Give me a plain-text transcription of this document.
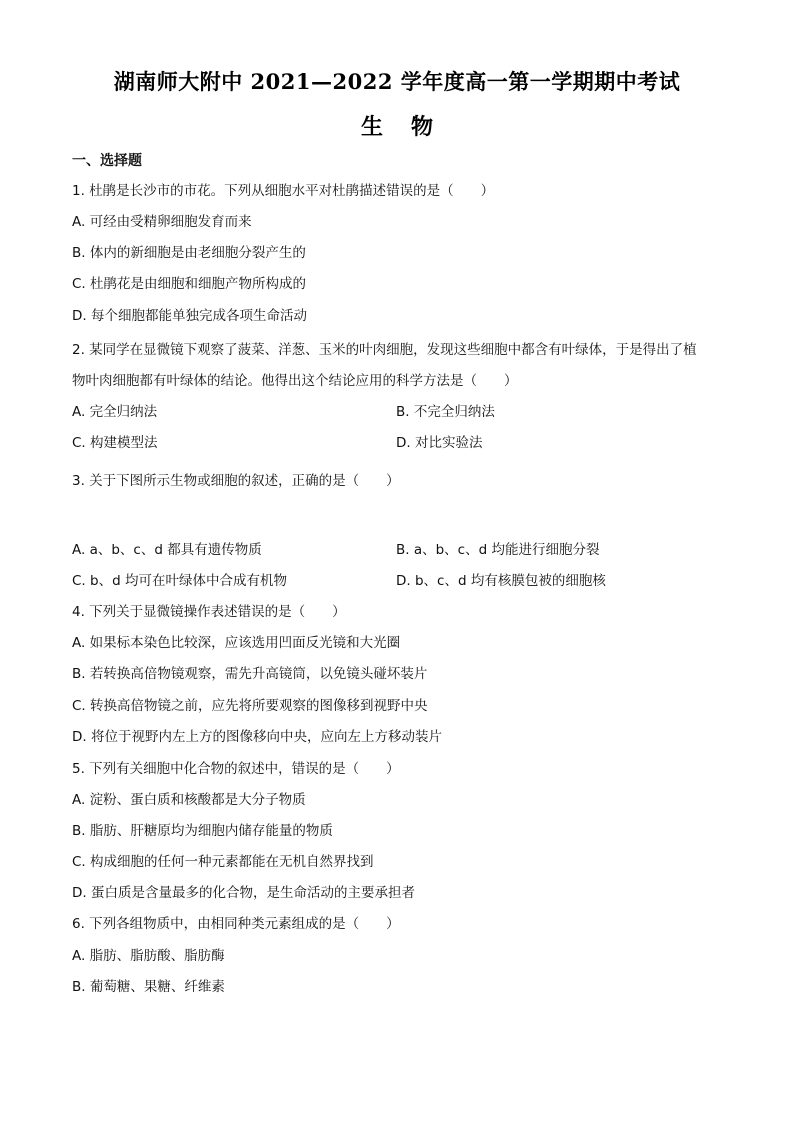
湖南师大附中 2021—2022 学年度高一第一学期期中考试
生物
一、选择题
1. 杜鹃是长沙市的市花。下列从细胞水平对杜鹃描述错误的是（　　）
A. 可经由受精卵细胞发育而来
B. 体内的新细胞是由老细胞分裂产生的
C. 杜鹃花是由细胞和细胞产物所构成的
D. 每个细胞都能单独完成各项生命活动
2. 某同学在显微镜下观察了菠菜、洋葱、玉米的叶肉细胞，发现这些细胞中都含有叶绿体，于是得出了植
物叶肉细胞都有叶绿体的结论。他得出这个结论应用的科学方法是（　　）
A. 完全归纳法	B. 不完全归纳法
C. 构建模型法	D. 对比实验法
3. 关于下图所示生物或细胞的叙述，正确的是（　　）
A. a、b、c、d 都具有遗传物质	B. a、b、c、d 均能进行细胞分裂
C. b、d 均可在叶绿体中合成有机物	D. b、c、d 均有核膜包被的细胞核
4. 下列关于显微镜操作表述错误的是（　　）
A. 如果标本染色比较深，应该选用凹面反光镜和大光圈
B. 若转换高倍物镜观察，需先升高镜筒，以免镜头碰坏装片
C. 转换高倍物镜之前，应先将所要观察的图像移到视野中央
D. 将位于视野内左上方的图像移向中央，应向左上方移动装片
5. 下列有关细胞中化合物的叙述中，错误的是（　　）
A. 淀粉、蛋白质和核酸都是大分子物质
B. 脂肪、肝糖原均为细胞内储存能量的物质
C. 构成细胞的任何一种元素都能在无机自然界找到
D. 蛋白质是含量最多的化合物，是生命活动的主要承担者
6. 下列各组物质中，由相同种类元素组成的是（　　）
A. 脂肪、脂肪酸、脂肪酶
B. 葡萄糖、果糖、纤维素
